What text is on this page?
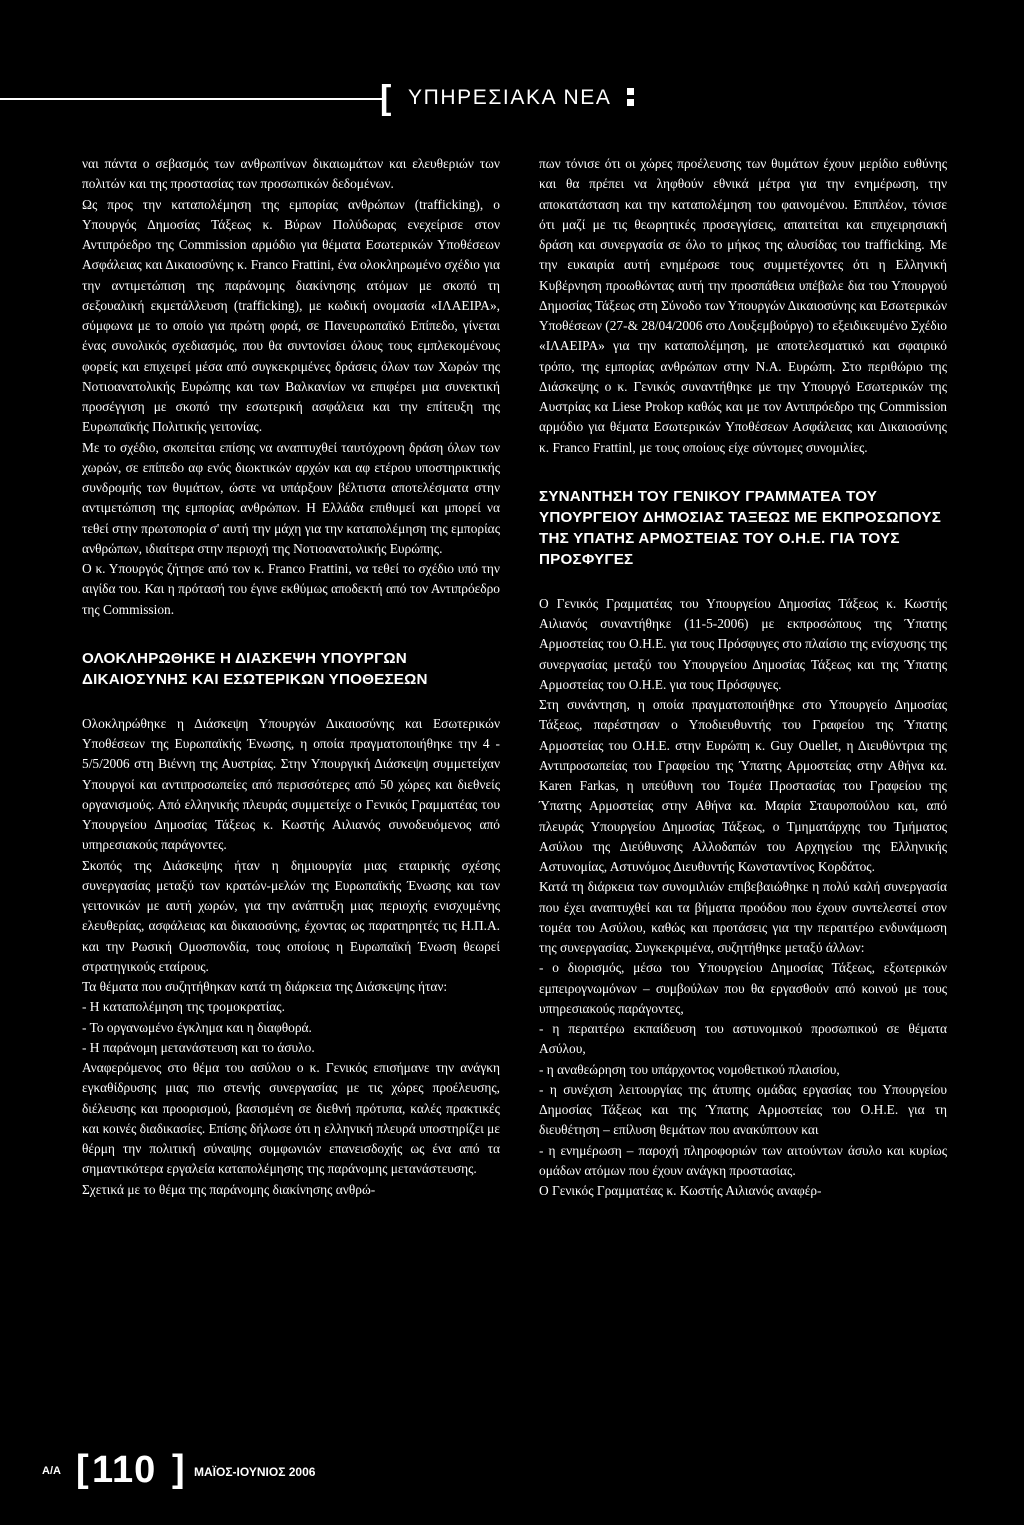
[ ΥΠΗΡΕΣΙΑΚΑ ΝΕΑ

ναι πάντα ο σεβασμός των ανθρωπίνων δικαιωμάτων και ελευθεριών των πολιτών και της προστασίας των προσωπικών δεδομένων.

Ως προς την καταπολέμηση της εμπορίας ανθρώπων (trafficking), ο Υπουργός Δημοσίας Τάξεως κ. Βύρων Πολύδωρας ενεχείρισε στον Αντιπρόεδρο της Commission αρμόδιο για θέματα Εσωτερικών Υποθέσεων Ασφάλειας και Δικαιοσύνης κ. Franco Frattini, ένα ολοκληρωμένο σχέδιο για την αντιμετώπιση της παράνομης διακίνησης ατόμων με σκοπό τη σεξουαλική εκμετάλλευση (trafficking), με κωδική ονομασία «ΙΛΑΕΙΡΑ», σύμφωνα με το οποίο για πρώτη φορά, σε Πανευρωπαϊκό Επίπεδο, γίνεται ένας συνολικός σχεδιασμός, που θα συντονίσει όλους τους εμπλεκομένους φορείς και επιχειρεί μέσα από συγκεκριμένες δράσεις όλων των Χωρών της Νοτιοανατολικής Ευρώπης και των Βαλκανίων να επιφέρει μια συνεκτική προσέγγιση με σκοπό την εσωτερική ασφάλεια και την επίτευξη της Ευρωπαϊκής Πολιτικής γειτονίας.

Με το σχέδιο, σκοπείται επίσης να αναπτυχθεί ταυτόχρονη δράση όλων των χωρών, σε επίπεδο αφ ενός διωκτικών αρχών και αφ ετέρου υποστηρικτικής συνδρομής των θυμάτων, ώστε να υπάρξουν βέλτιστα αποτελέσματα στην αντιμετώπιση της εμπορίας ανθρώπων. Η Ελλάδα επιθυμεί και μπορεί να τεθεί στην πρωτοπορία σ' αυτή την μάχη για την καταπολέμηση της εμπορίας ανθρώπων, ιδιαίτερα στην περιοχή της Νοτιοανατολικής Ευρώπης.

Ο κ. Υπουργός ζήτησε από τον κ. Franco Frattini, να τεθεί το σχέδιο υπό την αιγίδα του. Και η πρότασή του έγινε εκθύμως αποδεκτή από τον Αντιπρόεδρο της Commission.

ΟΛΟΚΛΗΡΩΘΗΚΕ Η ΔΙΑΣΚΕΨΗ ΥΠΟΥΡΓΩΝ ΔΙΚΑΙΟΣΥΝΗΣ ΚΑΙ ΕΣΩΤΕΡΙΚΩΝ ΥΠΟΘΕΣΕΩΝ

Ολοκληρώθηκε η Διάσκεψη Υπουργών Δικαιοσύνης και Εσωτερικών Υποθέσεων της Ευρωπαϊκής Ένωσης, η οποία πραγματοποιήθηκε την 4 - 5/5/2006 στη Βιέννη της Αυστρίας. Στην Υπουργική Διάσκεψη συμμετείχαν Υπουργοί και αντιπροσωπείες από περισσότερες από 50 χώρες και διεθνείς οργανισμούς. Από ελληνικής πλευράς συμμετείχε ο Γενικός Γραμματέας του Υπουργείου Δημοσίας Τάξεως κ. Κωστής Αιλιανός συνοδευόμενος από υπηρεσιακούς παράγοντες.

Σκοπός της Διάσκεψης ήταν η δημιουργία μιας εταιρικής σχέσης συνεργασίας μεταξύ των κρατών-μελών της Ευρωπαϊκής Ένωσης και των γειτονικών με αυτή χωρών, για την ανάπτυξη μιας περιοχής ενισχυμένης ελευθερίας, ασφάλειας και δικαιοσύνης, έχοντας ως παρατηρητές τις Η.Π.Α. και την Ρωσική Ομοσπονδία, τους οποίους η Ευρωπαϊκή Ένωση θεωρεί στρατηγικούς εταίρους.

Τα θέματα που συζητήθηκαν κατά τη διάρκεια της Διάσκεψης ήταν:

- Η καταπολέμηση της τρομοκρατίας.

- Το οργανωμένο έγκλημα και η διαφθορά.

- Η παράνομη μετανάστευση και το άσυλο.

Αναφερόμενος στο θέμα του ασύλου ο κ. Γενικός επισήμανε την ανάγκη εγκαθίδρυσης μιας πιο στενής συνεργασίας με τις χώρες προέλευσης, διέλευσης και προορισμού, βασισμένη σε διεθνή πρότυπα, καλές πρακτικές και κοινές διαδικασίες. Επίσης δήλωσε ότι η ελληνική πλευρά υποστηρίζει με θέρμη την πολιτική σύναψης συμφωνιών επανεισδοχής ως ένα από τα σημαντικότερα εργαλεία καταπολέμησης της παράνομης μετανάστευσης.

Σχετικά με το θέμα της παράνομης διακίνησης ανθρώ-

πων τόνισε ότι οι χώρες προέλευσης των θυμάτων έχουν μερίδιο ευθύνης και θα πρέπει να ληφθούν εθνικά μέτρα για την ενημέρωση, την αποκατάσταση και την καταπολέμηση του φαινομένου. Επιπλέον, τόνισε ότι μαζί με τις θεωρητικές προσεγγίσεις, απαιτείται και επιχειρησιακή δράση και συνεργασία σε όλο το μήκος της αλυσίδας του trafficking. Με την ευκαιρία αυτή ενημέρωσε τους συμμετέχοντες ότι η Ελληνική Κυβέρνηση προωθώντας αυτή την προσπάθεια υπέβαλε δια του Υπουργού Δημοσίας Τάξεως στη Σύνοδο των Υπουργών Δικαιοσύνης και Εσωτερικών Υποθέσεων (27-& 28/04/2006 στο Λουξεμβούργο) το εξειδικευμένο Σχέδιο «ΙΛΑΕΙΡΑ» για την καταπολέμηση, με αποτελεσματικό και σφαιρικό τρόπο, της εμπορίας ανθρώπων στην Ν.Α. Ευρώπη. Στο περιθώριο της Διάσκεψης ο κ. Γενικός συναντήθηκε με την Υπουργό Εσωτερικών της Αυστρίας κα Liese Prokop καθώς και με τον Αντιπρόεδρο της Commission αρμόδιο για θέματα Εσωτερικών Υποθέσεων Ασφάλειας και Δικαιοσύνης κ. Franco Frattinl, με τους οποίους είχε σύντομες συνομιλίες.

ΣΥΝΑΝΤΗΣΗ ΤΟΥ ΓΕΝΙΚΟΥ ΓΡΑΜΜΑΤΕΑ ΤΟΥ ΥΠΟΥΡΓΕΙΟΥ ΔΗΜΟΣΙΑΣ ΤΑΞΕΩΣ ΜΕ ΕΚΠΡΟΣΩΠΟΥΣ ΤΗΣ ΥΠΑΤΗΣ ΑΡΜΟΣΤΕΙΑΣ ΤΟΥ Ο.Η.Ε. ΓΙΑ ΤΟΥΣ ΠΡΟΣΦΥΓΕΣ

Ο Γενικός Γραμματέας του Υπουργείου Δημοσίας Τάξεως κ. Κωστής Αιλιανός συναντήθηκε (11-5-2006) με εκπροσώπους της Ύπατης Αρμοστείας του Ο.Η.Ε. για τους Πρόσφυγες στο πλαίσιο της ενίσχυσης της συνεργασίας μεταξύ του Υπουργείου Δημοσίας Τάξεως και της Ύπατης Αρμοστείας του Ο.Η.Ε. για τους Πρόσφυγες.

Στη συνάντηση, η οποία πραγματοποιήθηκε στο Υπουργείο Δημοσίας Τάξεως, παρέστησαν ο Υποδιευθυντής του Γραφείου της Ύπατης Αρμοστείας του Ο.Η.Ε. στην Ευρώπη κ. Guy Ouellet, η Διευθύντρια της Αντιπροσωπείας του Γραφείου της Ύπατης Αρμοστείας στην Αθήνα κα. Karen Farkas, η υπεύθυνη του Τομέα Προστασίας του Γραφείου της Ύπατης Αρμοστείας στην Αθήνα κα. Μαρία Σταυροπούλου και, από πλευράς Υπουργείου Δημοσίας Τάξεως, ο Τμηματάρχης του Τμήματος Ασύλου της Διεύθυνσης Αλλοδαπών του Αρχηγείου της Ελληνικής Αστυνομίας, Αστυνόμος Διευθυντής Κωνσταντίνος Κορδάτος.

Κατά τη διάρκεια των συνομιλιών επιβεβαιώθηκε η πολύ καλή συνεργασία που έχει αναπτυχθεί και τα βήματα προόδου που έχουν συντελεστεί στον τομέα του Ασύλου, καθώς και προτάσεις για την περαιτέρω ενδυνάμωση της συνεργασίας. Συγκεκριμένα, συζητήθηκε μεταξύ άλλων:

- ο διορισμός, μέσω του Υπουργείου Δημοσίας Τάξεως, εξωτερικών εμπειρογνωμόνων – συμβούλων που θα εργασθούν από κοινού με τους υπηρεσιακούς παράγοντες,

- η περαιτέρω εκπαίδευση του αστυνομικού προσωπικού σε θέματα Ασύλου,

- η αναθεώρηση του υπάρχοντος νομοθετικού πλαισίου,

- η συνέχιση λειτουργίας της άτυπης ομάδας εργασίας του Υπουργείου Δημοσίας Τάξεως και της Ύπατης Αρμοστείας του Ο.Η.Ε. για τη διευθέτηση – επίλυση θεμάτων που ανακύπτουν και

- η ενημέρωση – παροχή πληροφοριών των αιτούντων άσυλο και κυρίως ομάδων ατόμων που έχουν ανάγκη προστασίας.

Ο Γενικός Γραμματέας κ. Κωστής Αιλιανός αναφέρ-

Α/Α [ 110 ] ΜΑΪΟΣ-ΙΟΥΝΙΟΣ 2006
